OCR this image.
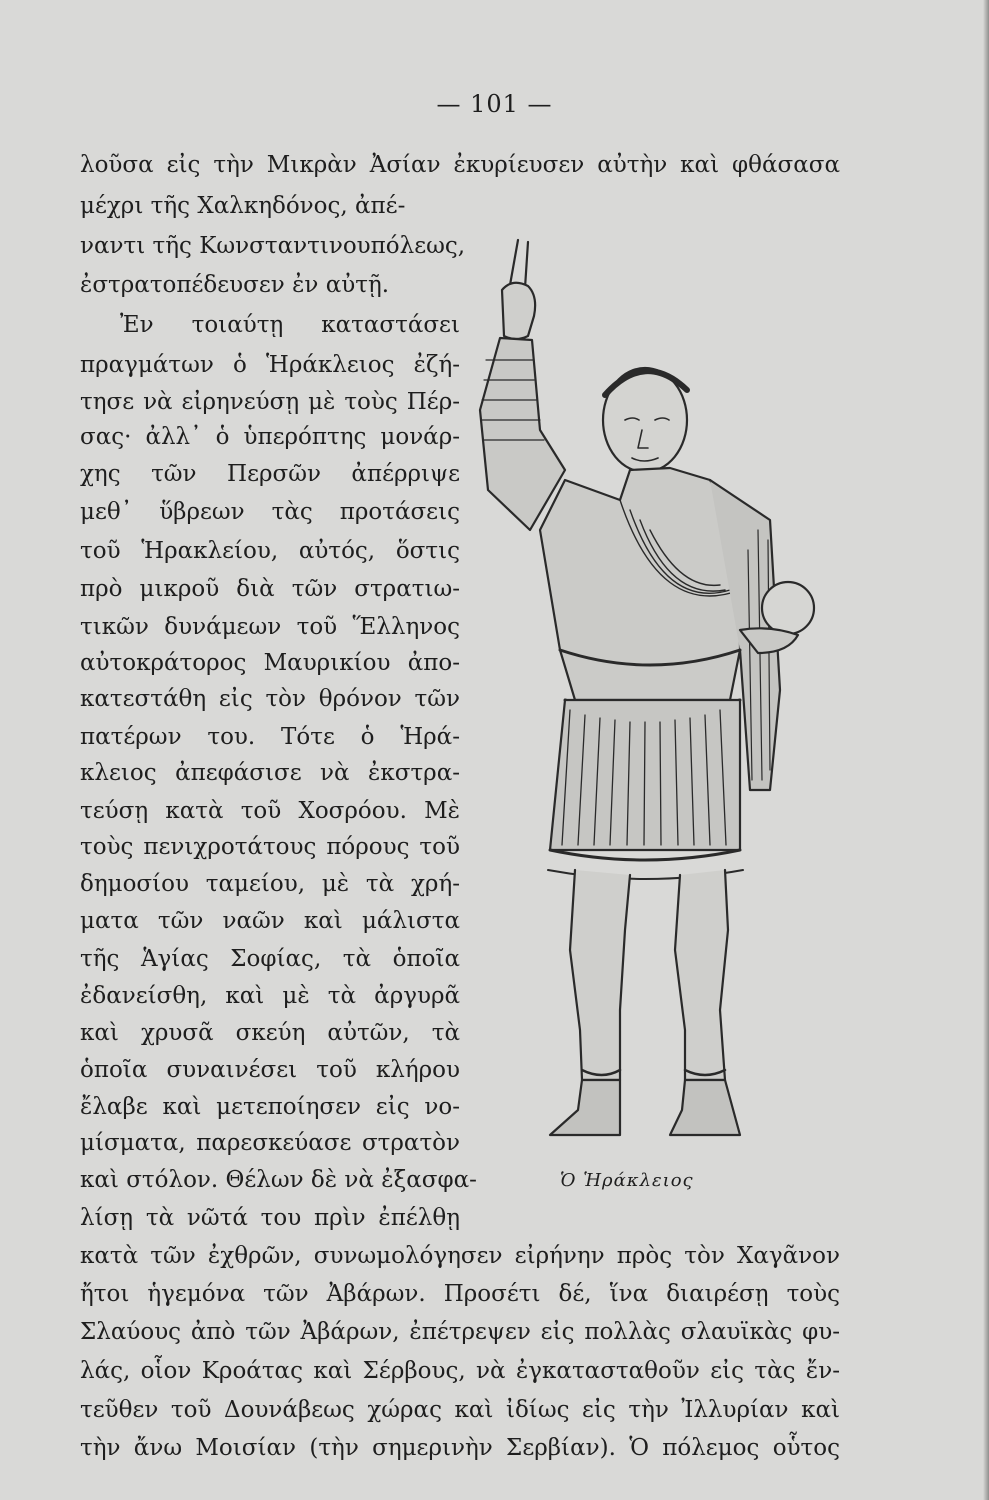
— 101 —
λοῦσα εἰς τὴν Μικρὰν Ἀσίαν ἐκυρίευσεν αὐτὴν καὶ φθάσασα
μέχρι τῆς Χαλκηδόνος, ἀπέ-
ναντι τῆς Κωνσταντινουπόλεως,
ἐστρατοπέδευσεν ἐν αὐτῇ.
Ἐν τοιαύτῃ καταστάσει
πραγμάτων ὁ Ἡράκλειος ἐζή-
τησε νὰ εἰρηνεύσῃ μὲ τοὺς Πέρ-
σας· ἀλλ᾽ ὁ ὑπερόπτης μονάρ-
χης τῶν Περσῶν ἀπέρριψε
μεθ᾽ ὕβρεων τὰς προτάσεις
τοῦ Ἡρακλείου, αὐτός, ὅστις
πρὸ μικροῦ διὰ τῶν στρατιω-
τικῶν δυνάμεων τοῦ Ἕλληνος
αὐτοκράτορος Μαυρικίου ἀπο-
κατεστάθη εἰς τὸν θρόνον τῶν
πατέρων του. Τότε ὁ Ἡρά-
κλειος ἀπεφάσισε νὰ ἐκστρα-
τεύσῃ κατὰ τοῦ Χοσρόου. Μὲ
τοὺς πενιχροτάτους πόρους τοῦ
δημοσίου ταμείου, μὲ τὰ χρή-
ματα τῶν ναῶν καὶ μάλιστα
τῆς Ἁγίας Σοφίας, τὰ ὁποῖα
ἐδανείσθη, καὶ μὲ τὰ ἀργυρᾶ
καὶ χρυσᾶ σκεύη αὐτῶν, τὰ
ὁποῖα συναινέσει τοῦ κλήρου
ἔλαβε καὶ μετεποίησεν εἰς νο-
μίσματα, παρεσκεύασε στρατὸν
καὶ στόλον. Θέλων δὲ νὰ ἐξασφα-
λίσῃ τὰ νῶτά του πρὶν ἐπέλθῃ
κατὰ τῶν ἐχθρῶν, συνωμολόγησεν εἰρήνην πρὸς τὸν Χαγᾶνον
ἤτοι ἡγεμόνα τῶν Ἀβάρων. Προσέτι δέ, ἵνα διαιρέσῃ τοὺς
Σλαύους ἀπὸ τῶν Ἀβάρων, ἐπέτρεψεν εἰς πολλὰς σλαυϊκὰς φυ-
λάς, οἷον Κροάτας καὶ Σέρβους, νὰ ἐγκατασταθοῦν εἰς τὰς ἔν-
τεῦθεν τοῦ Δουνάβεως χώρας καὶ ἰδίως εἰς τὴν Ἰλλυρίαν καὶ
τὴν ἄνω Μοισίαν (τὴν σημερινὴν Σερβίαν). Ὁ πόλεμος οὗτος
Ὁ Ἡράκλειος
